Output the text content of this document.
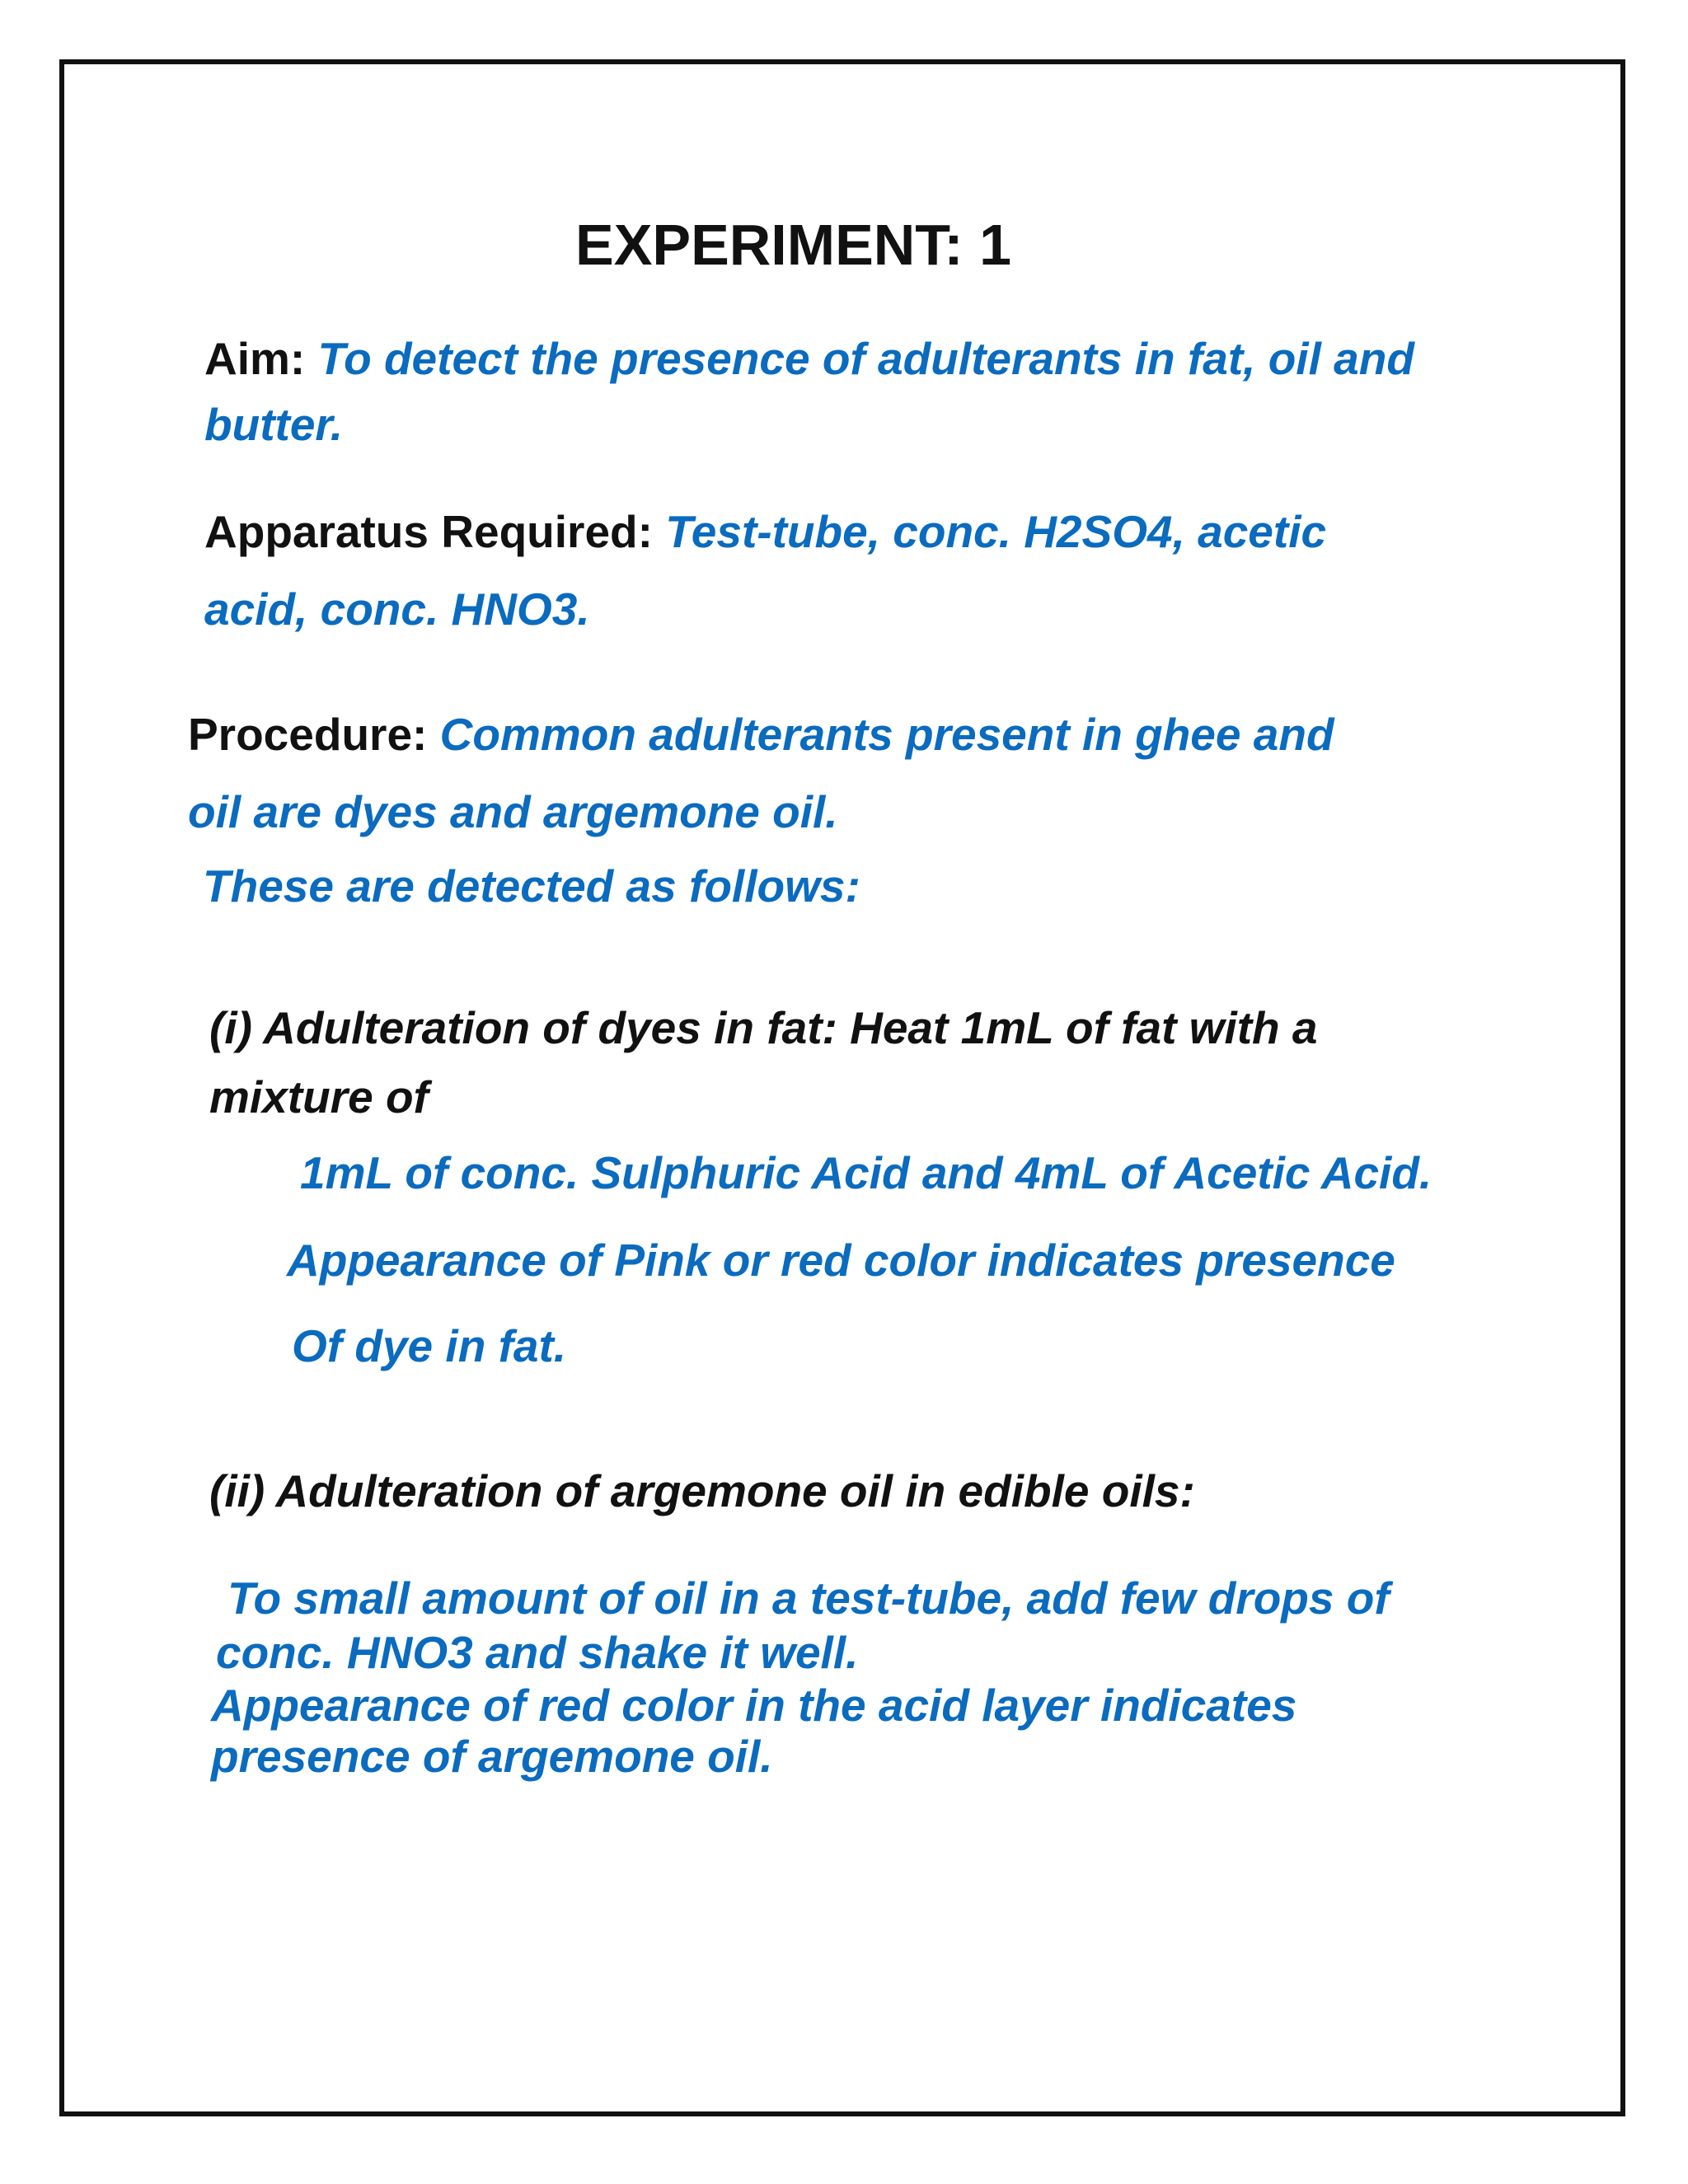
EXPERIMENT: 1

Aim: To detect the presence of adulterants in fat, oil and

butter.

Apparatus Required: Test-tube, conc. H2SO4, acetic

acid, conc. HNO3.

Procedure: Common adulterants present in ghee and

oil are dyes and argemone oil.

These are detected as follows:

(i) Adulteration of dyes in fat: Heat 1mL of fat with a

mixture of

1mL of conc. Sulphuric Acid and 4mL of Acetic Acid.

Appearance of Pink or red color indicates presence

Of dye in fat.

(ii) Adulteration of argemone oil in edible oils:

To small amount of oil in a test-tube, add few drops of

conc. HNO3 and shake it well.

Appearance of red color in the acid layer indicates

presence of argemone oil.
